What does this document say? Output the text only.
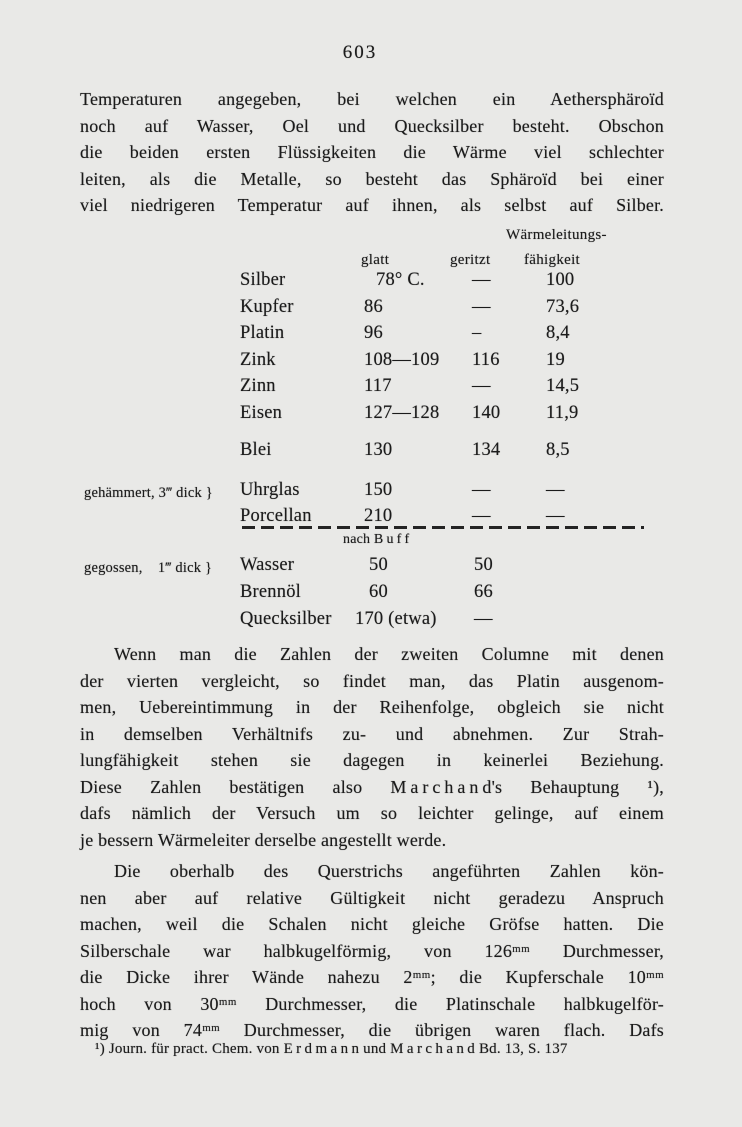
603
Temperaturen angegeben, bei welchen ein Aethersphäroïd
noch auf Wasser, Oel und Quecksilber besteht. Obschon
die beiden ersten Flüssigkeiten die Wärme viel schlechter
leiten, als die Metalle, so besteht das Sphäroïd bei einer
viel niedrigeren Temperatur auf ihnen, als selbst auf Silber.

gehämmert, 3‴ dick }

gegossen,    1‴ dick }

glatt	geritzt
Wärmeleitungs-
fähigkeit
Silber	78° C.	—	100
Kupfer	86	—	73,6
Platin	96	–	8,4
Zink	108—109	116	19
Zinn	117	—	14,5
Eisen	127—128	140	11,9
Blei	130	134	8,5
Uhrglas	150	—	—
Porcellan	210	—	—
nach B u f f
Wasser	50	50
Brennöl	60	66
Quecksilber	170 (etwa)	—
Wenn man die Zahlen der zweiten Columne mit denen
der vierten vergleicht, so findet man, das Platin ausgenom-
men, Uebereintimmung in der Reihenfolge, obgleich sie nicht
in demselben Verhältnifs zu- und abnehmen. Zur Strah-
lungfähigkeit stehen sie dagegen in keinerlei Beziehung.
Diese Zahlen bestätigen also M a r c h a n d's Behauptung ¹),
dafs nämlich der Versuch um so leichter gelinge, auf einem
je bessern Wärmeleiter derselbe angestellt werde.
Die oberhalb des Querstrichs angeführten Zahlen kön-
nen aber auf relative Gültigkeit nicht geradezu Anspruch
machen, weil die Schalen nicht gleiche Gröfse hatten. Die
Silberschale war halbkugelförmig, von 126ᵐᵐ Durchmesser,
die Dicke ihrer Wände nahezu 2ᵐᵐ; die Kupferschale 10ᵐᵐ
hoch von 30ᵐᵐ Durchmesser, die Platinschale halbkugelför-
mig von 74ᵐᵐ Durchmesser, die übrigen waren flach. Dafs
¹) Journ. für pract. Chem. von E r d m a n n und M a r c h a n d Bd. 13, S. 137
